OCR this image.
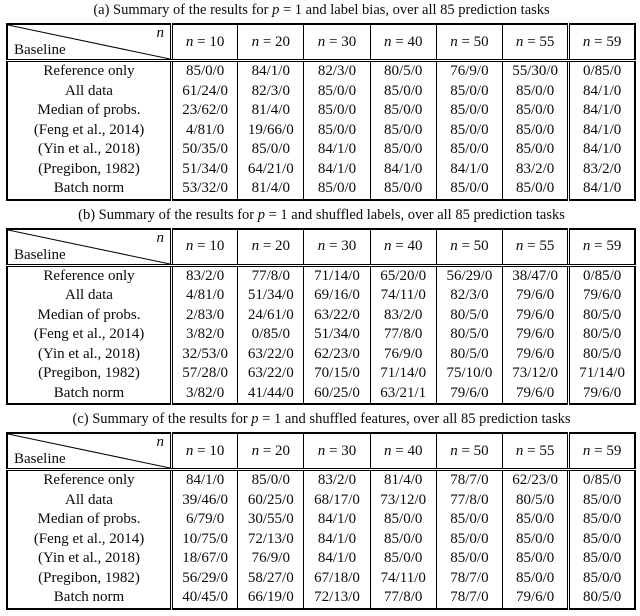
(a) Summary of the results for p = 1 and label bias, over all 85 prediction tasks
n
Baseline	n = 10	n = 20	n = 30	n = 40	n = 50	n = 55	n = 59
Reference only	85/0/0	84/1/0	82/3/0	80/5/0	76/9/0	55/30/0	0/85/0
All data	61/24/0	82/3/0	85/0/0	85/0/0	85/0/0	85/0/0	84/1/0
Median of probs.	23/62/0	81/4/0	85/0/0	85/0/0	85/0/0	85/0/0	84/1/0
(Feng et al., 2014)	4/81/0	19/66/0	85/0/0	85/0/0	85/0/0	85/0/0	84/1/0
(Yin et al., 2018)	50/35/0	85/0/0	84/1/0	85/0/0	85/0/0	85/0/0	84/1/0
(Pregibon, 1982)	51/34/0	64/21/0	84/1/0	84/1/0	84/1/0	83/2/0	83/2/0
Batch norm	53/32/0	81/4/0	85/0/0	85/0/0	85/0/0	85/0/0	84/1/0
(b) Summary of the results for p = 1 and shuffled labels, over all 85 prediction tasks
n
Baseline	n = 10	n = 20	n = 30	n = 40	n = 50	n = 55	n = 59
Reference only	83/2/0	77/8/0	71/14/0	65/20/0	56/29/0	38/47/0	0/85/0
All data	4/81/0	51/34/0	69/16/0	74/11/0	82/3/0	79/6/0	79/6/0
Median of probs.	2/83/0	24/61/0	63/22/0	83/2/0	80/5/0	79/6/0	80/5/0
(Feng et al., 2014)	3/82/0	0/85/0	51/34/0	77/8/0	80/5/0	79/6/0	80/5/0
(Yin et al., 2018)	32/53/0	63/22/0	62/23/0	76/9/0	80/5/0	79/6/0	80/5/0
(Pregibon, 1982)	57/28/0	63/22/0	70/15/0	71/14/0	75/10/0	73/12/0	71/14/0
Batch norm	3/82/0	41/44/0	60/25/0	63/21/1	79/6/0	79/6/0	79/6/0
(c) Summary of the results for p = 1 and shuffled features, over all 85 prediction tasks
n
Baseline	n = 10	n = 20	n = 30	n = 40	n = 50	n = 55	n = 59
Reference only	84/1/0	85/0/0	83/2/0	81/4/0	78/7/0	62/23/0	0/85/0
All data	39/46/0	60/25/0	68/17/0	73/12/0	77/8/0	80/5/0	85/0/0
Median of probs.	6/79/0	30/55/0	84/1/0	85/0/0	85/0/0	85/0/0	85/0/0
(Feng et al., 2014)	10/75/0	72/13/0	84/1/0	85/0/0	85/0/0	85/0/0	85/0/0
(Yin et al., 2018)	18/67/0	76/9/0	84/1/0	85/0/0	85/0/0	85/0/0	85/0/0
(Pregibon, 1982)	56/29/0	58/27/0	67/18/0	74/11/0	78/7/0	85/0/0	85/0/0
Batch norm	40/45/0	66/19/0	72/13/0	77/8/0	78/7/0	79/6/0	80/5/0
